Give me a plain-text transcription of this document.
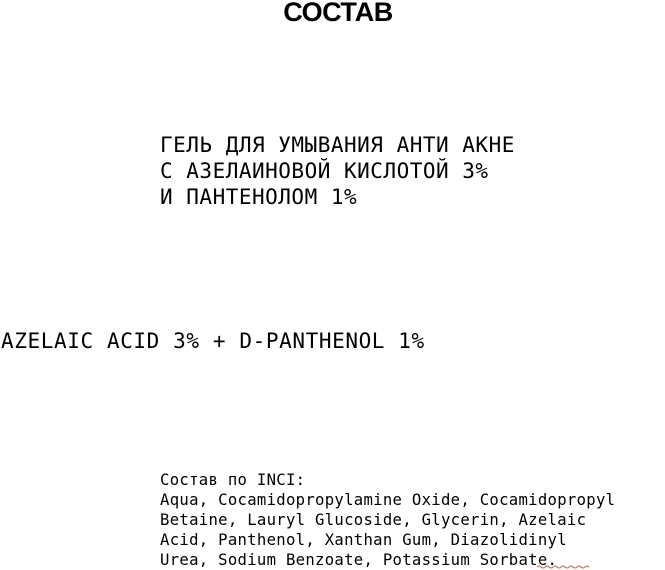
СОСТАВ
ГЕЛЬ ДЛЯ УМЫВАНИЯ АНТИ АКНЕ
С АЗЕЛАИНОВОЙ КИСЛОТОЙ 3%
И ПАНТЕНОЛОМ 1%
AZELAIC ACID 3% + D-PANTHENOL 1%
Состав по INCI:
Aqua, Cocamidopropylamine Oxide, Cocamidopropyl
Betaine, Lauryl Glucoside, Glycerin, Azelaic
Acid, Panthenol, Xanthan Gum, Diazolidinyl
Urea, Sodium Benzoate, Potassium Sorbate.
